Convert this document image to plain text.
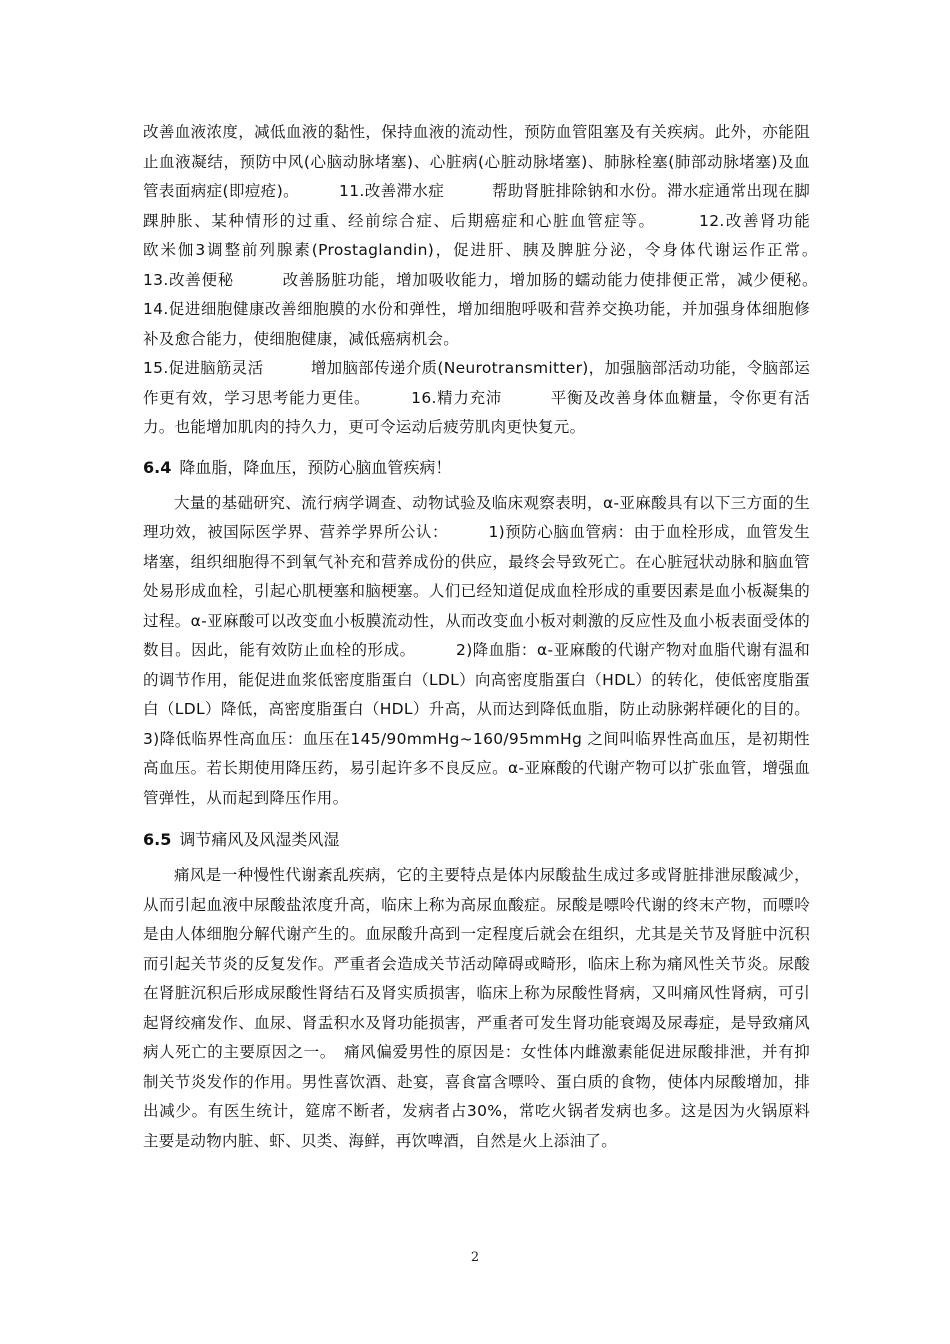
改善血液浓度，减低血液的黏性，保持血液的流动性，预防血管阻塞及有关疾病。此外，亦能阻止血液凝结，预防中风(心脑动脉堵塞)、心脏病(心脏动脉堵塞)、肺脉栓塞(肺部动脉堵塞)及血管表面病症(即痘疮)。　　　11.改善滞水症　　　帮助肾脏排除钠和水份。滞水症通常出现在脚踝肿胀、某种情形的过重、经前综合症、后期癌症和心脏血管症等。　　　12.改善肾功能　　　欧米伽3调整前列腺素(Prostaglandin)，促进肝、胰及脾脏分泌，令身体代谢运作正常。　　　13.改善便秘　　　改善肠脏功能，增加吸收能力，增加肠的蠕动能力使排便正常，减少便秘。　　　14.促进细胞健康改善细胞膜的水份和弹性，增加细胞呼吸和营养交换功能，并加强身体细胞修补及愈合能力，使细胞健康，减低癌病机会。

15.促进脑筋灵活　　　增加脑部传递介质(Neurotransmitter)，加强脑部活动功能，令脑部运作更有效，学习思考能力更佳。　　　16.精力充沛　　　平衡及改善身体血糖量，令你更有活力。也能增加肌肉的持久力，更可令运动后疲劳肌肉更快复元。

6.4 降血脂，降血压，预防心脑血管疾病！

大量的基础研究、流行病学调查、动物试验及临床观察表明，α-亚麻酸具有以下三方面的生理功效，被国际医学界、营养学界所公认：　　　1)预防心脑血管病：由于血栓形成，血管发生堵塞，组织细胞得不到氧气补充和营养成份的供应，最终会导致死亡。在心脏冠状动脉和脑血管处易形成血栓，引起心肌梗塞和脑梗塞。人们已经知道促成血栓形成的重要因素是血小板凝集的过程。α-亚麻酸可以改变血小板膜流动性，从而改变血小板对刺激的反应性及血小板表面受体的数目。因此，能有效防止血栓的形成。　　　2)降血脂：α-亚麻酸的代谢产物对血脂代谢有温和的调节作用，能促进血浆低密度脂蛋白（LDL）向高密度脂蛋白（HDL）的转化，使低密度脂蛋白（LDL）降低，高密度脂蛋白（HDL）升高，从而达到降低血脂，防止动脉粥样硬化的目的。3)降低临界性高血压：血压在145/90mmHg~160/95mmHg 之间叫临界性高血压，是初期性高血压。若长期使用降压药，易引起许多不良反应。α-亚麻酸的代谢产物可以扩张血管，增强血管弹性，从而起到降压作用。

6.5 调节痛风及风湿类风湿

痛风是一种慢性代谢紊乱疾病，它的主要特点是体内尿酸盐生成过多或肾脏排泄尿酸减少，从而引起血液中尿酸盐浓度升高，临床上称为高尿血酸症。尿酸是嘌呤代谢的终末产物，而嘌呤是由人体细胞分解代谢产生的。血尿酸升高到一定程度后就会在组织，尤其是关节及肾脏中沉积而引起关节炎的反复发作。严重者会造成关节活动障碍或畸形，临床上称为痛风性关节炎。尿酸在肾脏沉积后形成尿酸性肾结石及肾实质损害，临床上称为尿酸性肾病，又叫痛风性肾病，可引起肾绞痛发作、血尿、肾盂积水及肾功能损害，严重者可发生肾功能衰竭及尿毒症，是导致痛风病人死亡的主要原因之一。　痛风偏爱男性的原因是：女性体内雌激素能促进尿酸排泄，并有抑制关节炎发作的作用。男性喜饮酒、赴宴，喜食富含嘌呤、蛋白质的食物，使体内尿酸增加，排出减少。有医生统计，筵席不断者，发病者占30%，常吃火锅者发病也多。这是因为火锅原料主要是动物内脏、虾、贝类、海鲜，再饮啤酒，自然是火上添油了。

2
